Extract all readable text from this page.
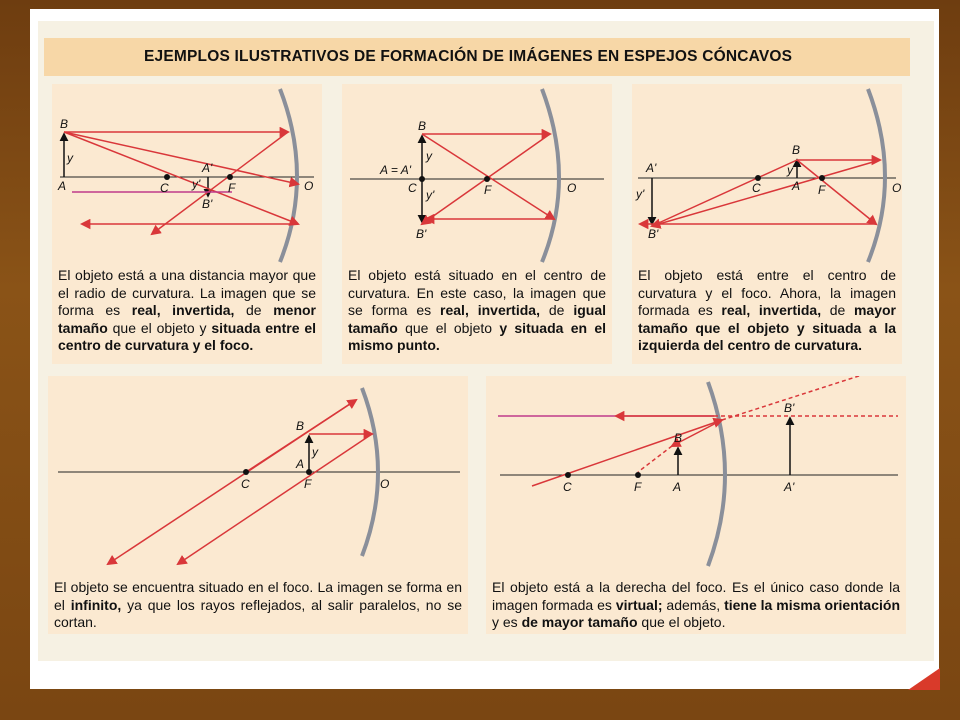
EJEMPLOS ILUSTRATIVOS DE FORMACIÓN DE IMÁGENES EN ESPEJOS CÓNCAVOS
B
y
A	C y'
A'
F	O
B'
El objeto está a una distancia mayor que el radio de curvatura. La imagen que se forma es real, invertida, de menor tamaño que el objeto y situada entre el centro de curvatura y el foco.
B
y
A = A'
C y'	F	O
B'
El objeto está situado en el centro de curvatura. En este caso, la imagen que se forma es real, invertida, de igual tamaño que el objeto y situada en el mismo punto.
A'
y'
B'
B
y
C	A F	O
El objeto está entre el centro de curvatura y el foco. Ahora, la imagen formada es real, invertida, de mayor tamaño que el objeto y situada a la izquierda del centro de curvatura.
B
y
A
C	F	O
El objeto se encuentra situado en el foco. La imagen se forma en el infinito, ya que los rayos reflejados, al salir paralelos, no se cortan.
B'
B
C	F	A	A'
El objeto está a la derecha del foco. Es el único caso donde la imagen formada es virtual; además, tiene la misma orientación y es de mayor tamaño que el objeto.
